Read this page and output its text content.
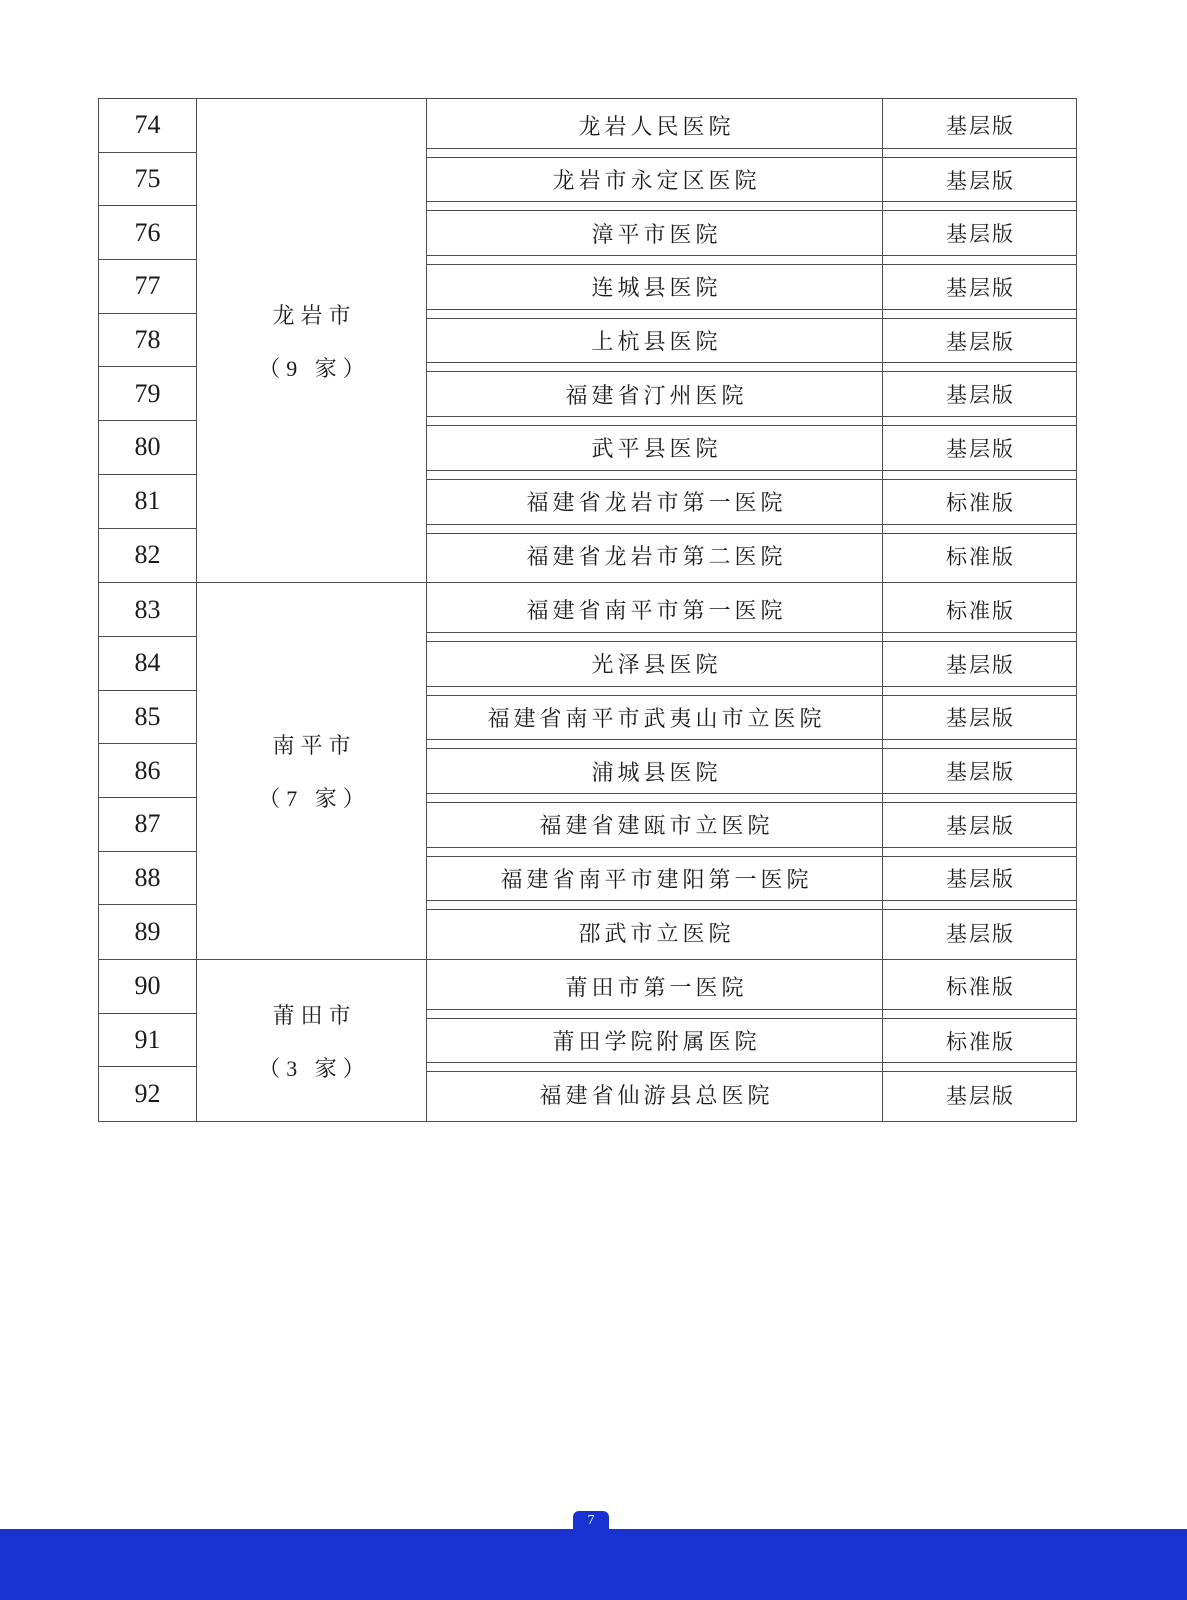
龙岩市
（9 家）
74	龙岩人民医院	基层版
75	龙岩市永定区医院	基层版
76	漳平市医院	基层版
77	连城县医院	基层版
78	上杭县医院	基层版
79	福建省汀州医院	基层版
80	武平县医院	基层版
81	福建省龙岩市第一医院	标准版
82	福建省龙岩市第二医院	标准版
南平市
（7 家）
83	福建省南平市第一医院	标准版
84	光泽县医院	基层版
85	福建省南平市武夷山市立医院	基层版
86	浦城县医院	基层版
87	福建省建瓯市立医院	基层版
88	福建省南平市建阳第一医院	基层版
89	邵武市立医院	基层版
莆田市
（3 家）
90	莆田市第一医院	标准版
91	莆田学院附属医院	标准版
92	福建省仙游县总医院	基层版
7
